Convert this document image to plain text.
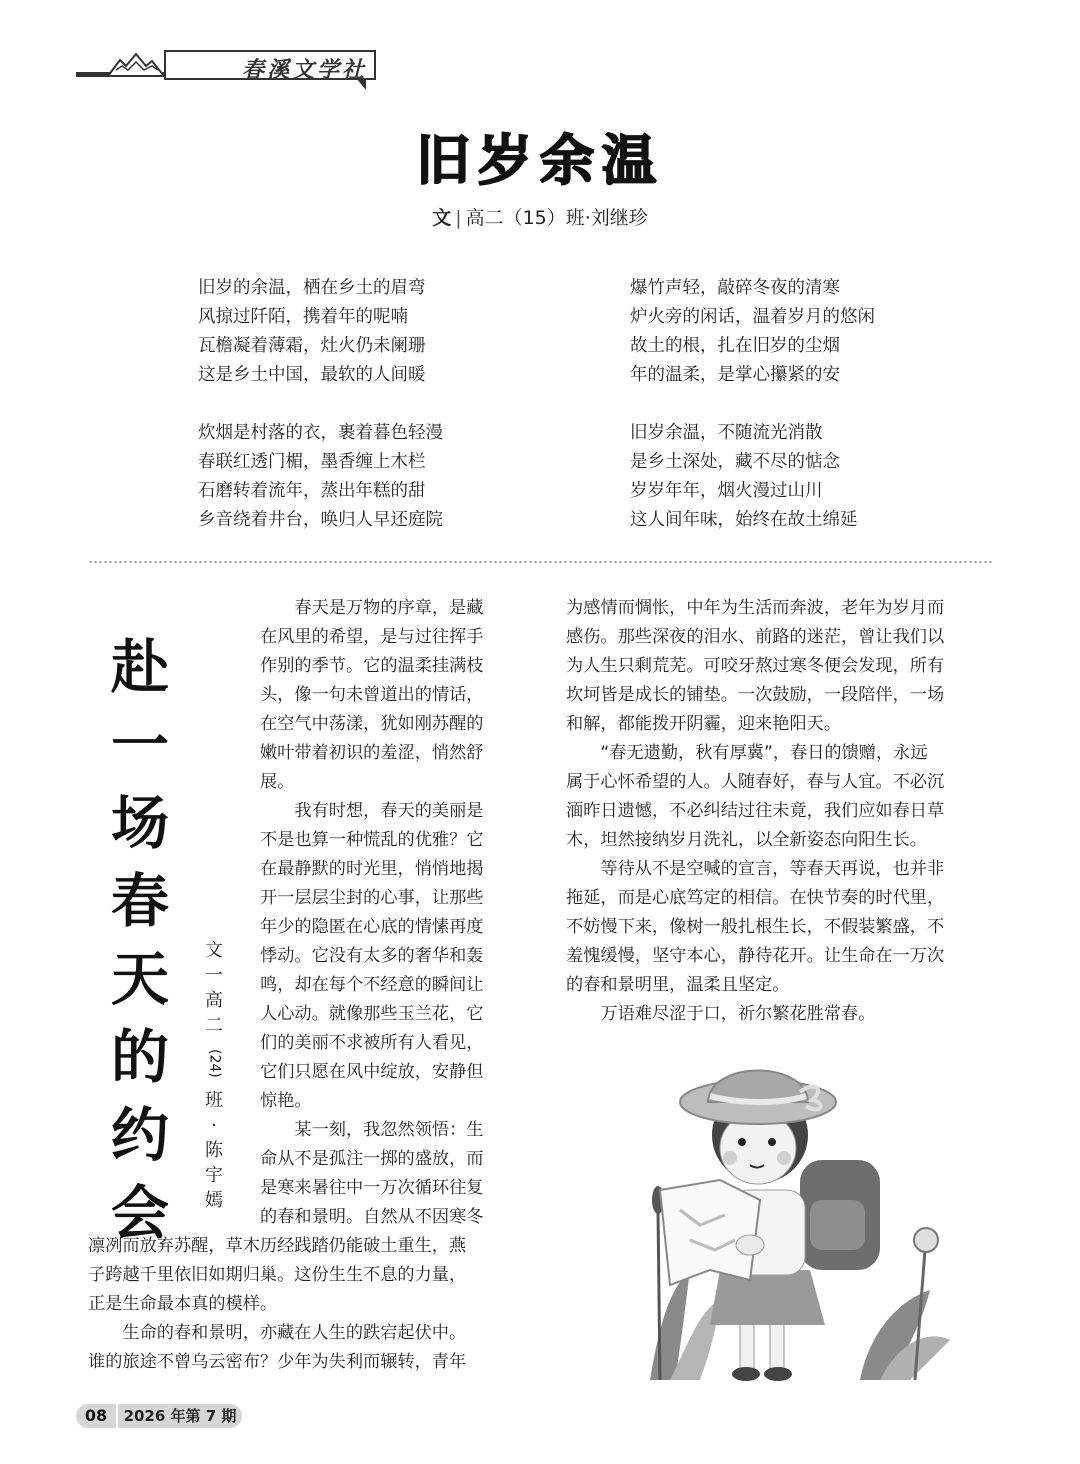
春溪文学社
旧岁余温
文 | 高二（15）班·刘继珍
旧岁的余温，栖在乡土的眉弯
风掠过阡陌，携着年的呢喃
瓦檐凝着薄霜，灶火仍未阑珊
这是乡土中国，最软的人间暖
炊烟是村落的衣，裹着暮色轻漫
春联红透门楣，墨香缠上木栏
石磨转着流年，蒸出年糕的甜
乡音绕着井台，唤归人早还庭院
爆竹声轻，敲碎冬夜的清寒
炉火旁的闲话，温着岁月的悠闲
故土的根，扎在旧岁的尘烟
年的温柔，是掌心攥紧的安
旧岁余温，不随流光消散
是乡土深处，藏不尽的惦念
岁岁年年，烟火漫过山川
这人间年味，始终在故土绵延
赴
一
场
春
天
的
约
会
文
一
高
二
(24)
班
·
陈
宇
嫣
　　春天是万物的序章，是藏
在风里的希望，是与过往挥手
作别的季节。它的温柔挂满枝
头，像一句未曾道出的情话，
在空气中荡漾，犹如刚苏醒的
嫩叶带着初识的羞涩，悄然舒
展。
　　我有时想，春天的美丽是
不是也算一种慌乱的优雅？它
在最静默的时光里，悄悄地揭
开一层层尘封的心事，让那些
年少的隐匿在心底的情愫再度
悸动。它没有太多的奢华和轰
鸣，却在每个不经意的瞬间让
人心动。就像那些玉兰花，它
们的美丽不求被所有人看见，
它们只愿在风中绽放，安静但
惊艳。
　　某一刻，我忽然领悟：生
命从不是孤注一掷的盛放，而
是寒来暑往中一万次循环往复
的春和景明。自然从不因寒冬
凛冽而放弃苏醒，草木历经践踏仍能破土重生，燕
子跨越千里依旧如期归巢。这份生生不息的力量，
正是生命最本真的模样。
　　生命的春和景明，亦藏在人生的跌宕起伏中。
谁的旅途不曾乌云密布？少年为失利而辗转，青年
为感情而惆怅，中年为生活而奔波，老年为岁月而
感伤。那些深夜的泪水、前路的迷茫，曾让我们以
为人生只剩荒芜。可咬牙熬过寒冬便会发现，所有
坎坷皆是成长的铺垫。一次鼓励，一段陪伴，一场
和解，都能拨开阴霾，迎来艳阳天。
　　“春无遗勤，秋有厚冀”，春日的馈赠，永远
属于心怀希望的人。人随春好，春与人宜。不必沉
湎昨日遗憾，不必纠结过往未竟，我们应如春日草
木，坦然接纳岁月洗礼，以全新姿态向阳生长。
　　等待从不是空喊的宣言，等春天再说，也并非
拖延，而是心底笃定的相信。在快节奏的时代里，
不妨慢下来，像树一般扎根生长，不假装繁盛，不
羞愧缓慢，坚守本心，静待花开。让生命在一万次
的春和景明里，温柔且坚定。
　　万语难尽涩于口，祈尔繁花胜常春。
08	2026 年第 7 期
